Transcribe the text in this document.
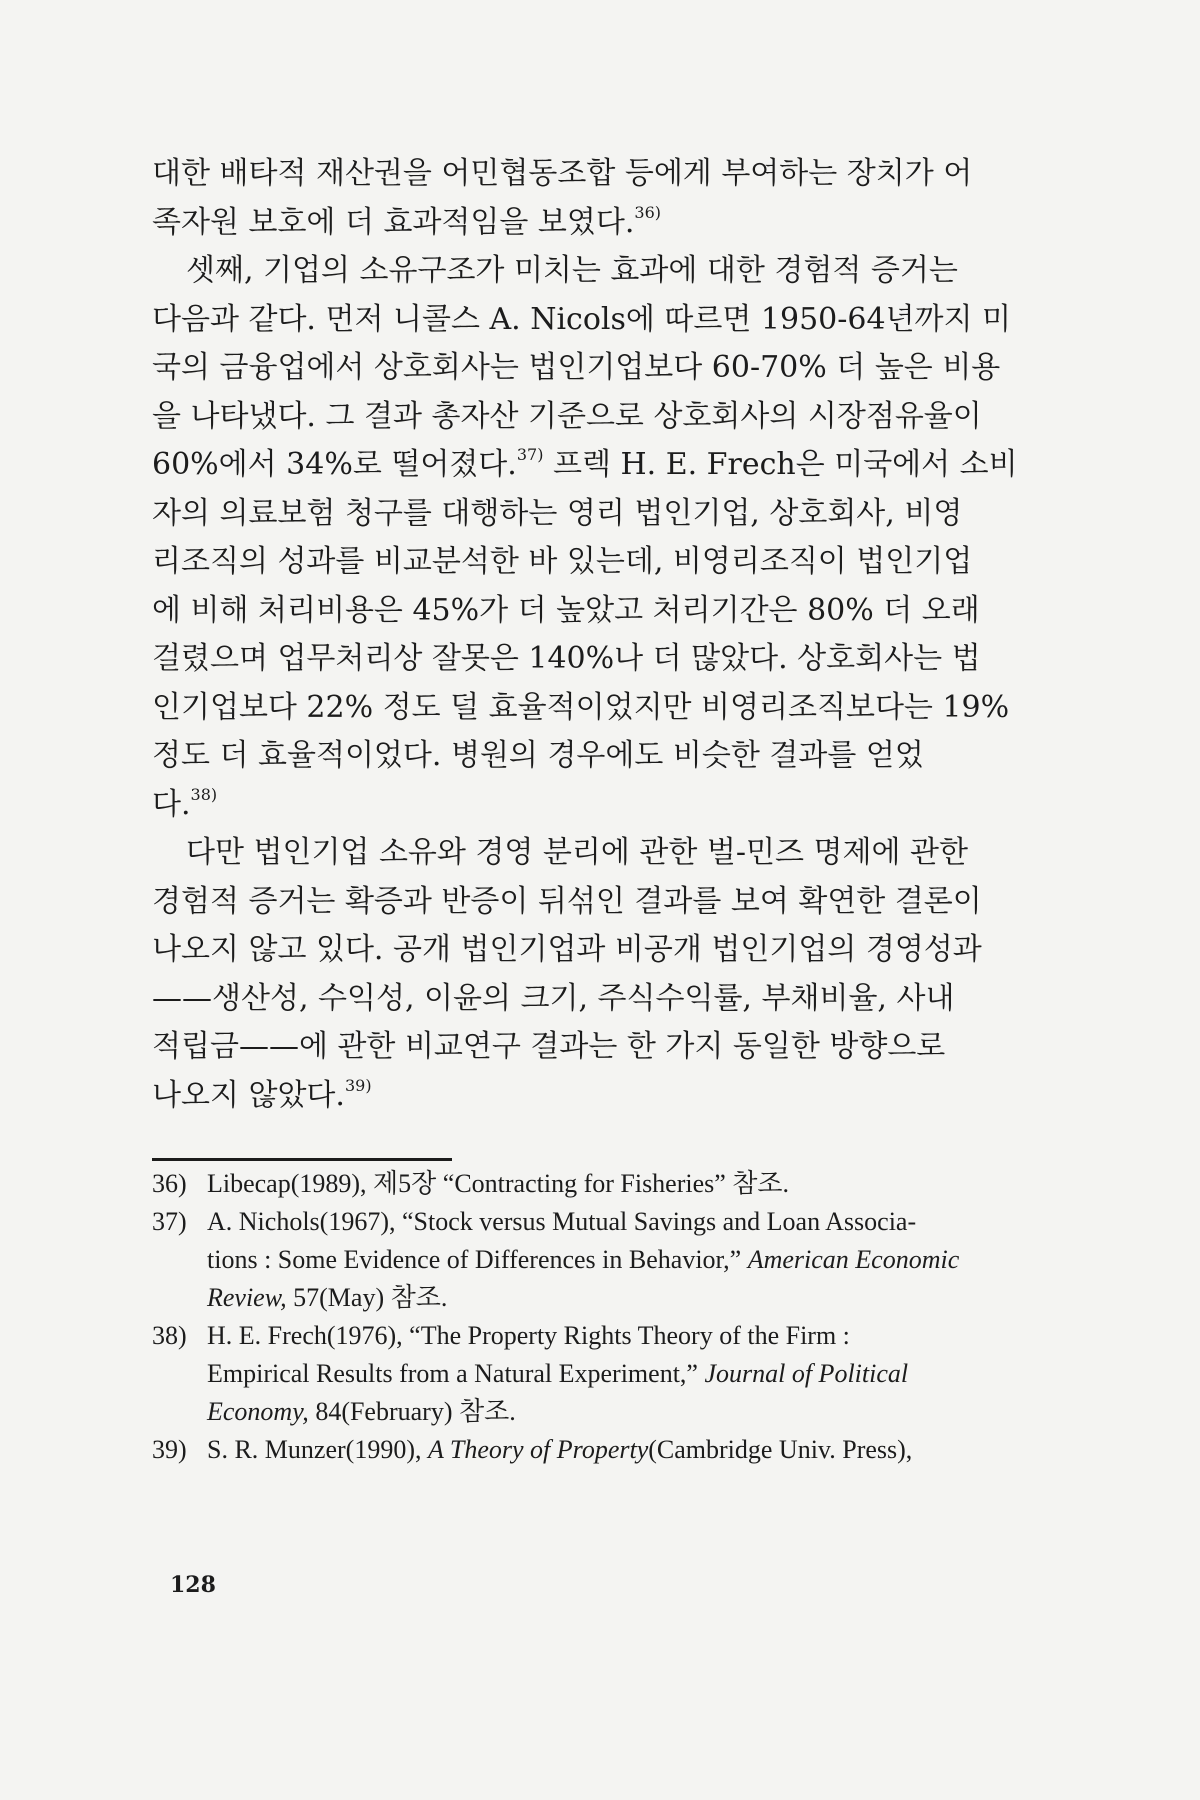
대한 배타적 재산권을 어민협동조합 등에게 부여하는 장치가 어
족자원 보호에 더 효과적임을 보였다.$^{36)}$

셋째, 기업의 소유구조가 미치는 효과에 대한 경험적 증거는
다음과 같다. 먼저 니콜스 A. Nicols에 따르면 1950-64년까지 미
국의 금융업에서 상호회사는 법인기업보다 60-70% 더 높은 비용
을 나타냈다. 그 결과 총자산 기준으로 상호회사의 시장점유율이
60%에서 34%로 떨어졌다.$^{37)}$ 프렉 H. E. Frech은 미국에서 소비
자의 의료보험 청구를 대행하는 영리 법인기업, 상호회사, 비영
리조직의 성과를 비교분석한 바 있는데, 비영리조직이 법인기업
에 비해 처리비용은 45%가 더 높았고 처리기간은 80% 더 오래
걸렸으며 업무처리상 잘못은 140%나 더 많았다. 상호회사는 법
인기업보다 22% 정도 덜 효율적이었지만 비영리조직보다는 19%
정도 더 효율적이었다. 병원의 경우에도 비슷한 결과를 얻었
다.$^{38)}$

다만 법인기업 소유와 경영 분리에 관한 벌-민즈 명제에 관한
경험적 증거는 확증과 반증이 뒤섞인 결과를 보여 확연한 결론이
나오지 않고 있다. 공개 법인기업과 비공개 법인기업의 경영성과
——생산성, 수익성, 이윤의 크기, 주식수익률, 부채비율, 사내
적립금——에 관한 비교연구 결과는 한 가지 동일한 방향으로
나오지 않았다.$^{39)}$

36) Libecap(1989), 제5장 “Contracting for Fisheries” 참조.
37) A. Nichols(1967), “Stock versus Mutual Savings and Loan Associa-
tions : Some Evidence of Differences in Behavior,” American Economic
Review, 57(May) 참조.
38) H. E. Frech(1976), “The Property Rights Theory of the Firm :
Empirical Results from a Natural Experiment,” Journal of Political
Economy, 84(February) 참조.
39) S. R. Munzer(1990), A Theory of Property(Cambridge Univ. Press),
128
